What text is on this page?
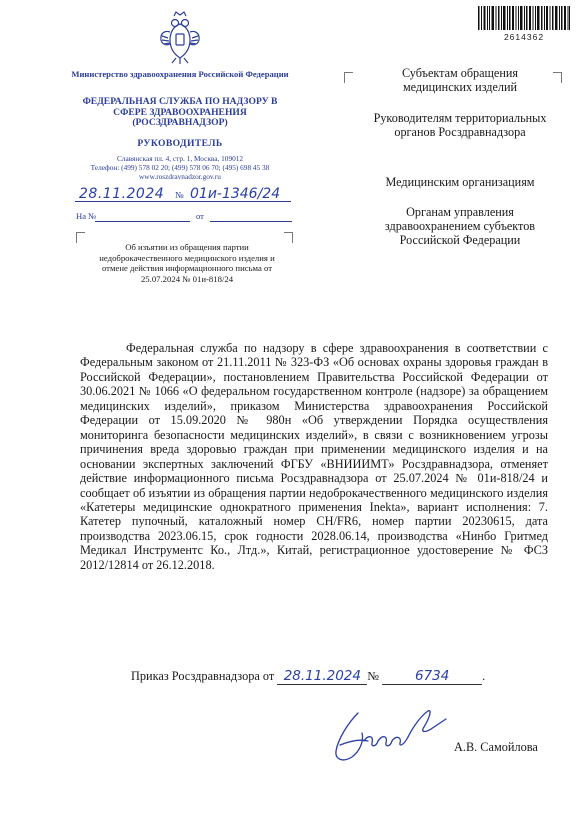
2614362
Министерство здравоохранения Российской Федерации
ФЕДЕРАЛЬНАЯ СЛУЖБА ПО НАДЗОРУ В СФЕРЕ ЗДРАВООХРАНЕНИЯ (РОСЗДРАВНАДЗОР)
РУКОВОДИТЕЛЬ
Славянская пл. 4, стр. 1, Москва, 109012
Телефон: (499) 578 02 20; (499) 578 06 70; (495) 698 45 38
www.roszdravnadzor.gov.ru
28.11.2024 № 01и-1346/24
На №	от
Об изъятии из обращения партии недоброкачественного медицинского изделия и отмене действия информационного письма от 25.07.2024 № 01и-818/24
Субъектам обращения медицинских изделий
Руководителям территориальных органов Росздравнадзора
Медицинским организациям
Органам управления здравоохранением субъектов Российской Федерации
Федеральная служба по надзору в сфере здравоохранения в соответствии с Федеральным законом от 21.11.2011 № 323-ФЗ «Об основах охраны здоровья граждан в Российской Федерации», постановлением Правительства Российской Федерации от 30.06.2021 № 1066 «О федеральном государственном контроле (надзоре) за обращением медицинских изделий», приказом Министерства здравоохранения Российской Федерации от 15.09.2020 № 980н «Об утверждении Порядка осуществления мониторинга безопасности медицинских изделий», в связи с возникновением угрозы причинения вреда здоровью граждан при применении медицинского изделия и на основании экспертных заключений ФГБУ «ВНИИИМТ» Росздравнадзора, отменяет действие информационного письма Росздравнадзора от 25.07.2024 № 01и-818/24 и сообщает об изъятии из обращения партии недоброкачественного медицинского изделия «Катетеры медицинские однократного применения Inekta», вариант исполнения: 7. Катетер пупочный, каталожный номер CH/FR6, номер партии 20230615, дата производства 2023.06.15, срок годности 2028.06.14, производства «Нинбо Гритмед Медикал Инструментс Ко., Лтд.», Китай, регистрационное удостоверение № ФСЗ 2012/12814 от 26.12.2018.
Приказ Росздравнадзора от 28.11.2024 №	6734	.
А.В. Самойлова
